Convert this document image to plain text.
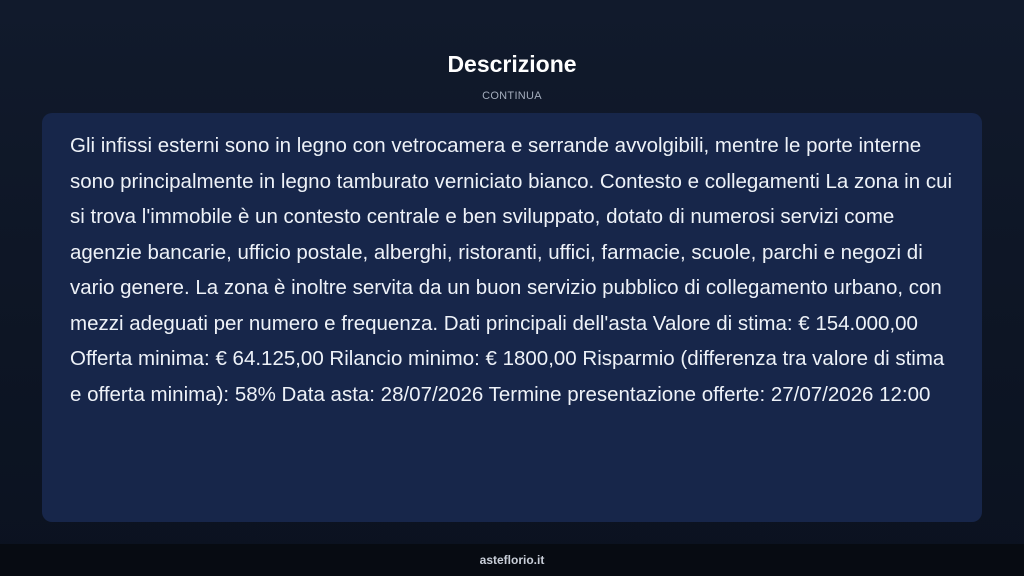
Descrizione
CONTINUA

Gli infissi esterni sono in legno con vetrocamera e serrande avvolgibili, mentre le porte interne sono principalmente in legno tamburato verniciato bianco. Contesto e collegamenti La zona in cui si trova l'immobile è un contesto centrale e ben sviluppato, dotato di numerosi servizi come agenzie bancarie, ufficio postale, alberghi, ristoranti, uffici, farmacie, scuole, parchi e negozi di vario genere. La zona è inoltre servita da un buon servizio pubblico di collegamento urbano, con mezzi adeguati per numero e frequenza. Dati principali dell'asta Valore di stima: € 154.000,00 Offerta minima: € 64.125,00 Rilancio minimo: € 1800,00 Risparmio (differenza tra valore di stima e offerta minima): 58% Data asta: 28/07/2026 Termine presentazione offerte: 27/07/2026 12:00

asteflorio.it
